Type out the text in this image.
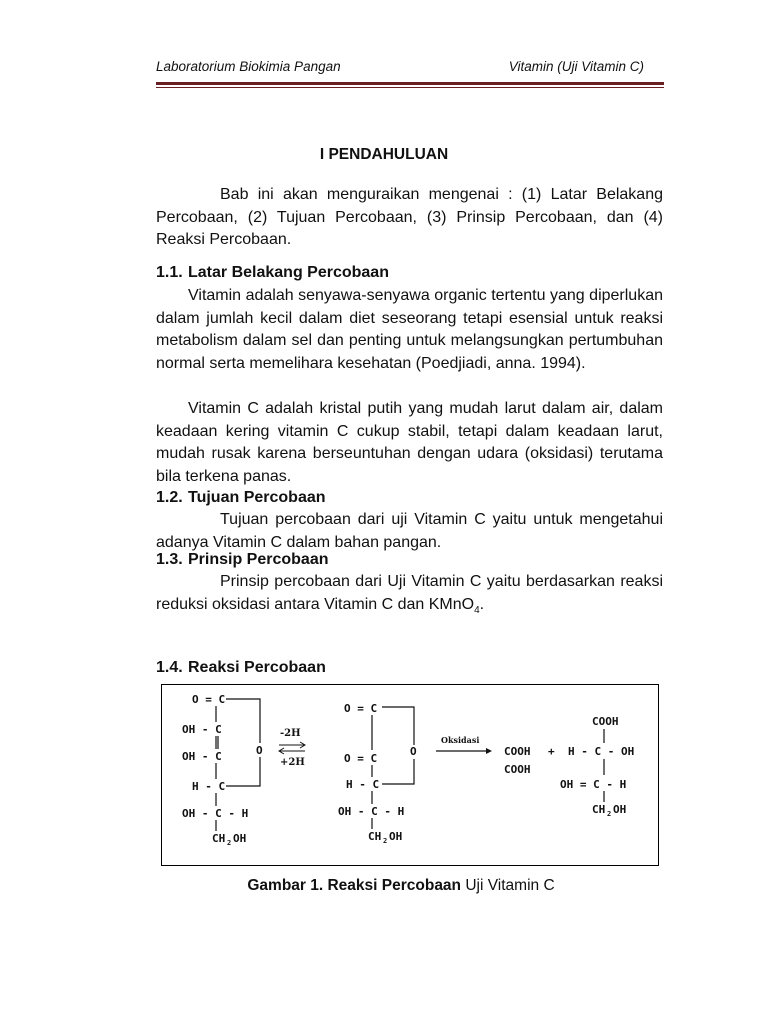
Laboratorium Biokimia Pangan	Vitamin (Uji Vitamin C)
I PENDAHULUAN
Bab ini akan menguraikan mengenai : (1) Latar Belakang Percobaan, (2) Tujuan Percobaan, (3) Prinsip Percobaan, dan (4) Reaksi Percobaan.
1.1. Latar Belakang Percobaan
Vitamin adalah senyawa-senyawa organic tertentu yang diperlukan dalam jumlah kecil dalam diet seseorang tetapi esensial untuk reaksi metabolism dalam sel dan penting untuk melangsungkan pertumbuhan normal serta memelihara kesehatan (Poedjiadi, anna. 1994).
Vitamin C adalah kristal putih yang mudah larut dalam air, dalam keadaan kering vitamin C cukup stabil, tetapi dalam keadaan larut, mudah rusak karena berseuntuhan dengan udara (oksidasi) terutama bila terkena panas.
1.2. Tujuan Percobaan
Tujuan percobaan dari uji Vitamin C yaitu untuk mengetahui adanya Vitamin C dalam bahan pangan.
1.3. Prinsip Percobaan
Prinsip percobaan dari Uji Vitamin C yaitu berdasarkan reaksi reduksi oksidasi antara Vitamin C dan KMnO$_4$.
1.4. Reaksi Percobaan
O = C
OH - C
OH - C
H - C
OH - C - H
CH 2 OH
O
-2H
+2H
O = C
O = C
H - C
OH - C - H
CH 2 OH
O
Oksidasi
COOH
COOH
+
COOH
H - C - OH
OH = C - H
CH 2 OH
Gambar 1. Reaksi Percobaan Uji Vitamin C
